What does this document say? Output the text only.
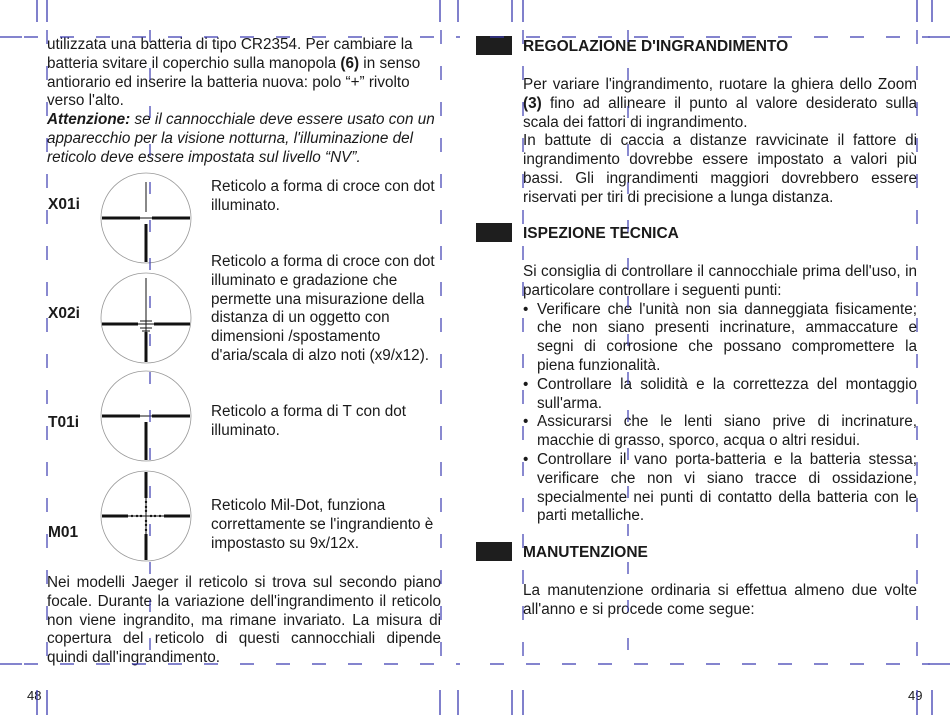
utilizzata una batteria di tipo CR2354. Per cambiare la

batteria svitare il coperchio sulla manopola (6) in senso

antiorario ed inserire la batteria nuova: polo “+” rivolto

verso l'alto.

Attenzione: se il cannocchiale deve essere usato con un apparecchio per la visione notturna, l'illuminazione del reticolo deve essere impostata sul livello “NV”.

X01i
Reticolo a forma di croce con dot illuminato.
X02i
Reticolo a forma di croce con dot illuminato e gradazione che permette una misurazione della distanza di un oggetto con dimensioni /spostamento d'aria/scala di alzo noti (x9/x12).
T01i
Reticolo a forma di T con dot illuminato.
M01
Reticolo Mil-Dot, funziona correttamente se l'ingrandiento è impostasto su 9x/12x.
Nei modelli Jaeger il reticolo si trova sul secondo piano focale. Durante la variazione dell'ingrandimento il reticolo non viene ingrandito, ma rimane invariato. La misura di copertura del reticolo di questi cannocchiali dipende quindi dall'ingrandimento.
48
REGOLAZIONE D'INGRANDIMENTO

Per variare l'ingrandimento, ruotare la ghiera dello Zoom (3) fino ad allineare il punto al valore desiderato sulla scala dei fattori di ingrandimento.

In battute di caccia a distanze ravvicinate il fattore di ingrandimento dovrebbe essere impostato a valori più bassi. Gli ingrandimenti maggiori dovrebbero essere riservati per tiri di precisione a lunga distanza.

ISPEZIONE TECNICA

Si consiglia di controllare il cannocchiale prima dell'uso, in particolare controllare i seguenti punti:

• Verificare che l'unità non sia danneggiata fisicamente; che non siano presenti incrinature, ammaccature e segni di corrosione che possano compromettere la piena funzionalità.
• Controllare la solidità e la correttezza del montaggio sull'arma.
• Assicurarsi che le lenti siano prive di incrinature, macchie di grasso, sporco, acqua o altri residui.
• Controllare il vano porta-batteria e la batteria stessa; verificare che non vi siano tracce di ossidazione, specialmente nei punti di contatto della batteria con le parti metalliche.
MANUTENZIONE
La manutenzione ordinaria si effettua almeno due volte all'anno e si procede come segue:
49
